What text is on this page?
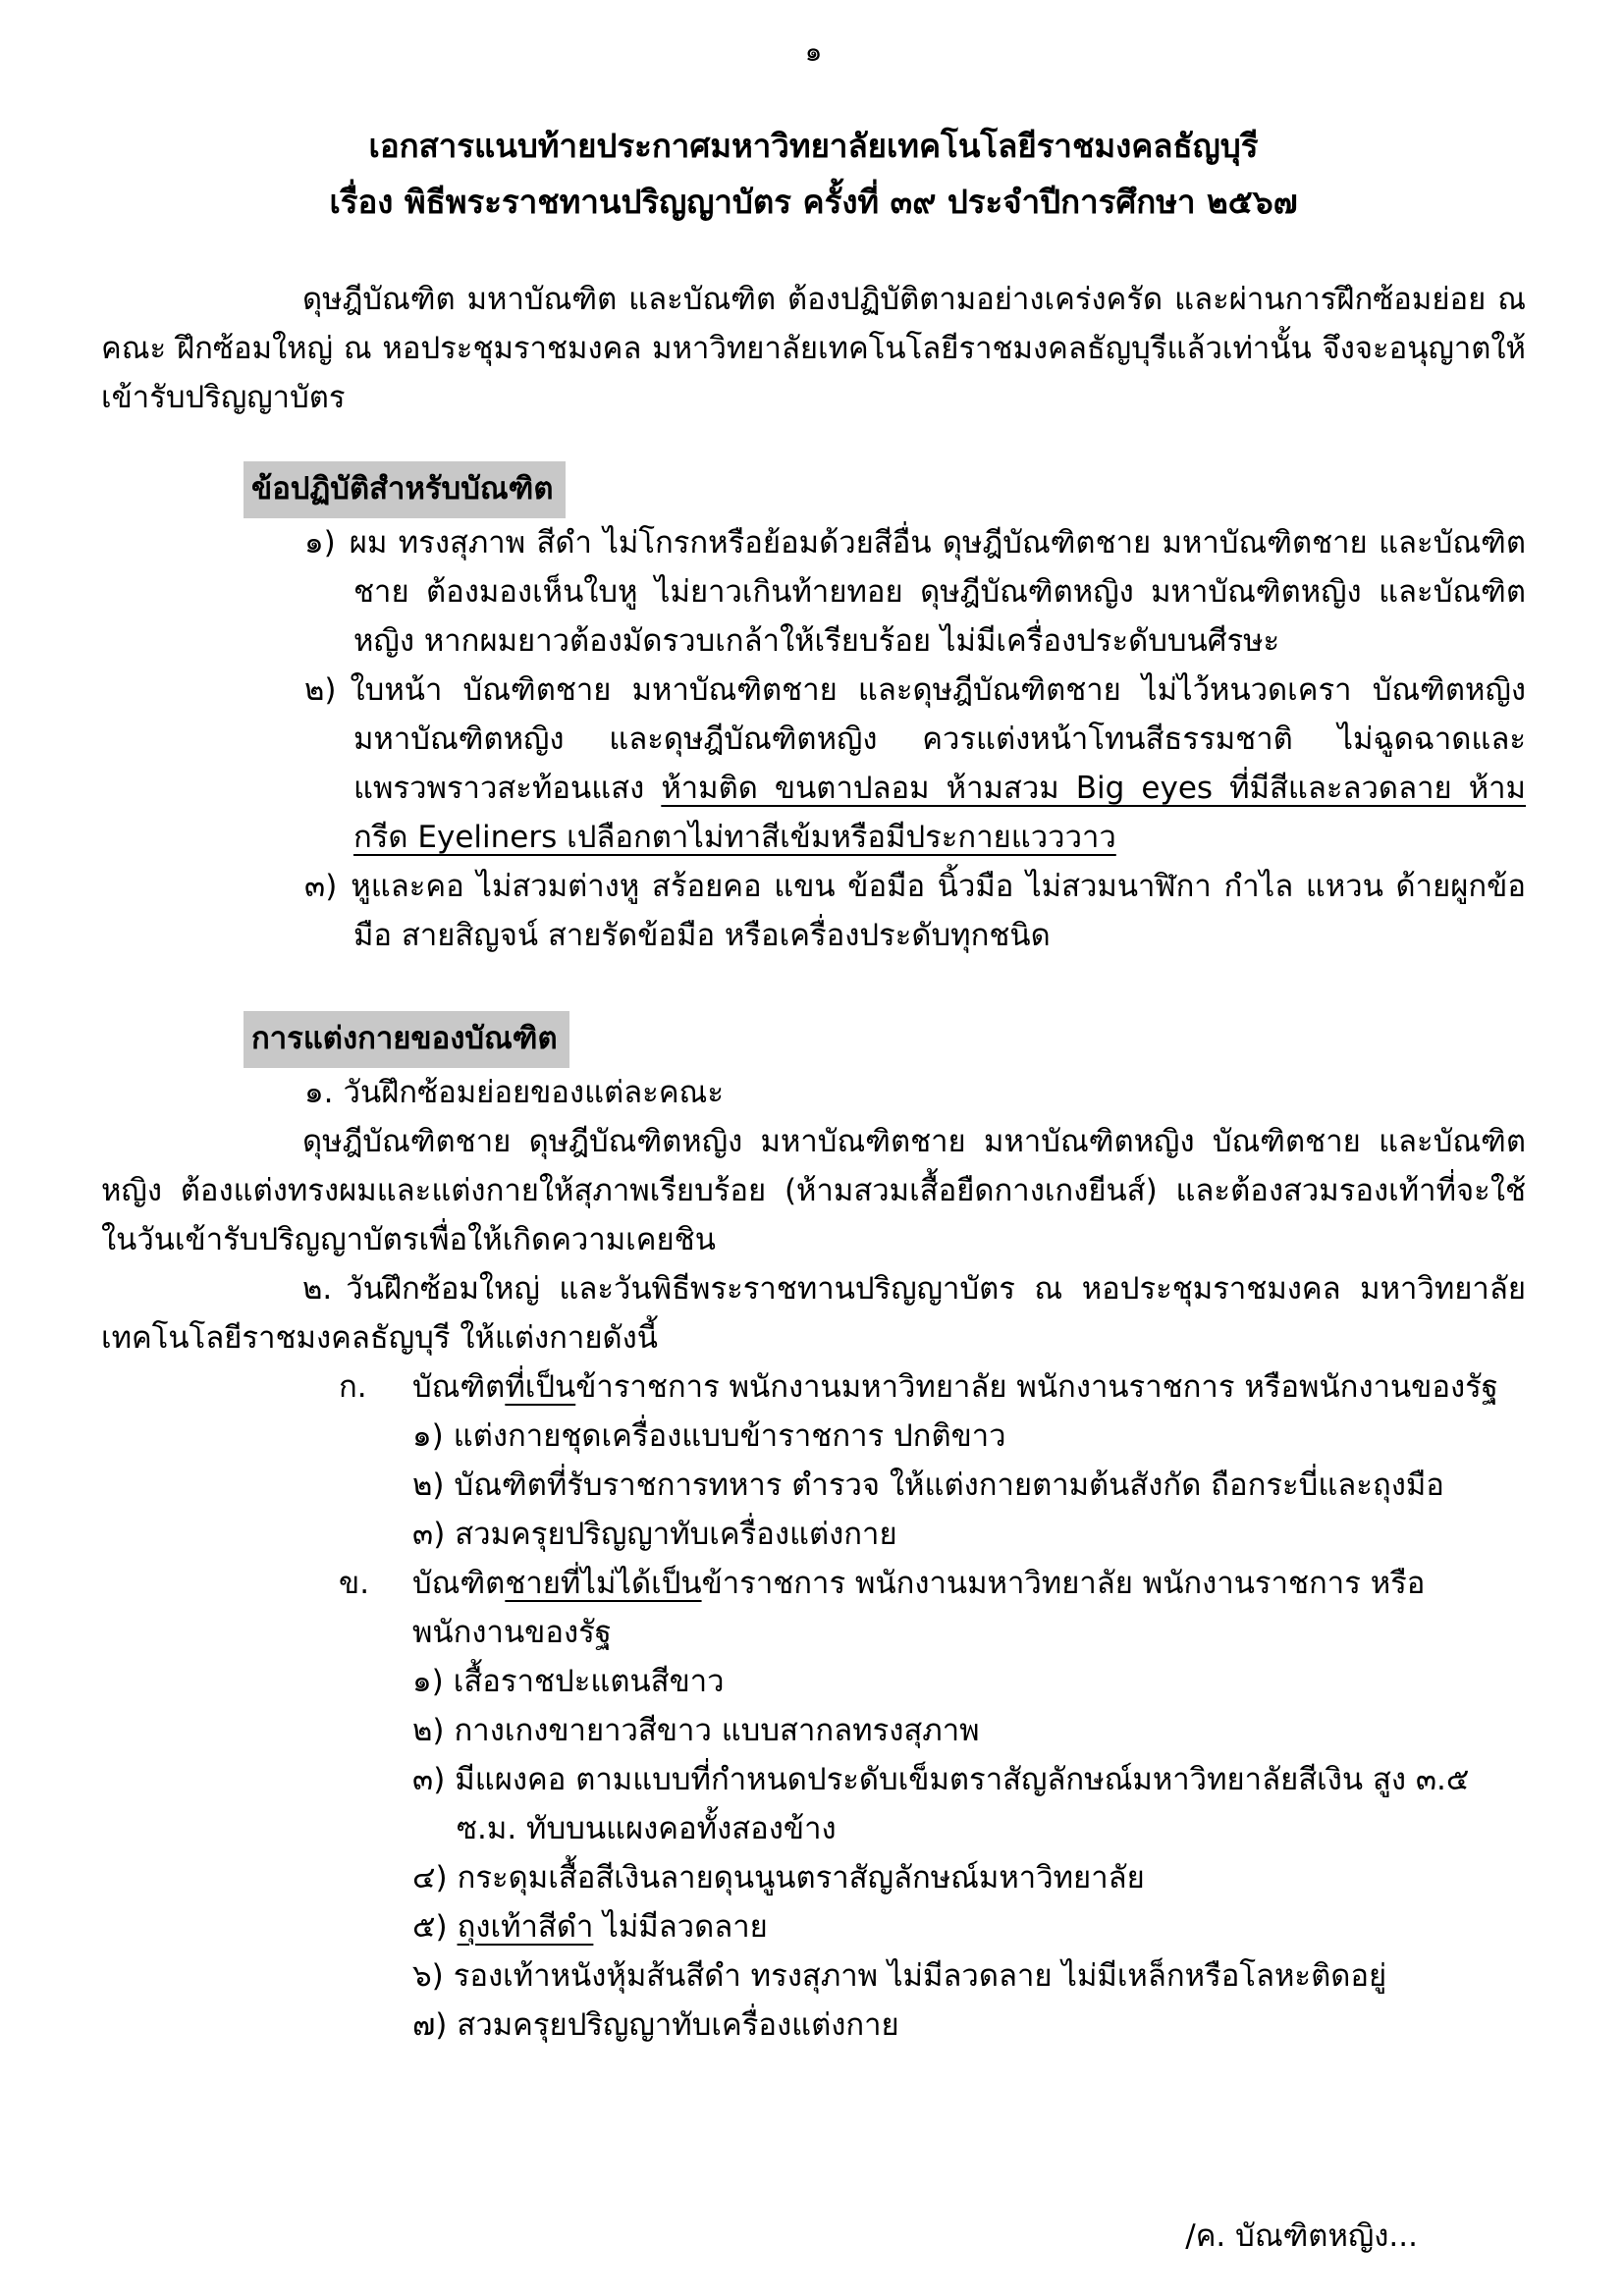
๑
เอกสารแนบท้ายประกาศมหาวิทยาลัยเทคโนโลยีราชมงคลธัญบุรี
เรื่อง พิธีพระราชทานปริญญาบัตร ครั้งที่ ๓๙ ประจำปีการศึกษา ๒๕๖๗

ดุษฎีบัณฑิต มหาบัณฑิต และบัณฑิต ต้องปฏิบัติตามอย่างเคร่งครัด และผ่านการฝึกซ้อมย่อย ณ คณะ ฝึกซ้อมใหญ่ ณ หอประชุมราชมงคล มหาวิทยาลัยเทคโนโลยีราชมงคลธัญบุรีแล้วเท่านั้น จึงจะอนุญาตให้เข้ารับปริญญาบัตร

ข้อปฏิบัติสำหรับบัณฑิต
๑) ผม ทรงสุภาพ สีดำ ไม่โกรกหรือย้อมด้วยสีอื่น ดุษฎีบัณฑิตชาย มหาบัณฑิตชาย และบัณฑิตชาย ต้องมองเห็นใบหู ไม่ยาวเกินท้ายทอย ดุษฎีบัณฑิตหญิง มหาบัณฑิตหญิง และบัณฑิตหญิง หากผมยาวต้องมัดรวบเกล้าให้เรียบร้อย ไม่มีเครื่องประดับบนศีรษะ
๒) ใบหน้า บัณฑิตชาย มหาบัณฑิตชาย และดุษฎีบัณฑิตชาย ไม่ไว้หนวดเครา บัณฑิตหญิง มหาบัณฑิตหญิง และดุษฎีบัณฑิตหญิง ควรแต่งหน้าโทนสีธรรมชาติ ไม่ฉูดฉาดและแพรวพราวสะท้อนแสง ห้ามติด ขนตาปลอม ห้ามสวม Big eyes ที่มีสีและลวดลาย ห้ามกรีด Eyeliners เปลือกตาไม่ทาสีเข้มหรือมีประกายแวววาว
๓) หูและคอ ไม่สวมต่างหู สร้อยคอ แขน ข้อมือ นิ้วมือ ไม่สวมนาฬิกา กำไล แหวน ด้ายผูกข้อมือ สายสิญจน์ สายรัดข้อมือ หรือเครื่องประดับทุกชนิด
การแต่งกายของบัณฑิต
๑. วันฝึกซ้อมย่อยของแต่ละคณะ

ดุษฎีบัณฑิตชาย ดุษฎีบัณฑิตหญิง มหาบัณฑิตชาย มหาบัณฑิตหญิง บัณฑิตชาย และบัณฑิตหญิง ต้องแต่งทรงผมและแต่งกายให้สุภาพเรียบร้อย (ห้ามสวมเสื้อยืดกางเกงยีนส์) และต้องสวมรองเท้าที่จะใช้ในวันเข้ารับปริญญาบัตรเพื่อให้เกิดความเคยชิน

๒. วันฝึกซ้อมใหญ่ และวันพิธีพระราชทานปริญญาบัตร ณ หอประชุมราชมงคล มหาวิทยาลัยเทคโนโลยีราชมงคลธัญบุรี ให้แต่งกายดังนี้

ก. บัณฑิตที่เป็นข้าราชการ พนักงานมหาวิทยาลัย พนักงานราชการ หรือพนักงานของรัฐ
๑) แต่งกายชุดเครื่องแบบข้าราชการ ปกติขาว
๒) บัณฑิตที่รับราชการทหาร ตำรวจ ให้แต่งกายตามต้นสังกัด ถือกระบี่และถุงมือ
๓) สวมครุยปริญญาทับเครื่องแต่งกาย
ข. บัณฑิตชายที่ไม่ได้เป็นข้าราชการ พนักงานมหาวิทยาลัย พนักงานราชการ หรือพนักงานของรัฐ
๑) เสื้อราชปะแตนสีขาว
๒) กางเกงขายาวสีขาว แบบสากลทรงสุภาพ
๓) มีแผงคอ ตามแบบที่กำหนดประดับเข็มตราสัญลักษณ์มหาวิทยาลัยสีเงิน สูง ๓.๕ ซ.ม. ทับบนแผงคอทั้งสองข้าง
๔) กระดุมเสื้อสีเงินลายดุนนูนตราสัญลักษณ์มหาวิทยาลัย
๕) ถุงเท้าสีดำ ไม่มีลวดลาย
๖) รองเท้าหนังหุ้มส้นสีดำ ทรงสุภาพ ไม่มีลวดลาย ไม่มีเหล็กหรือโลหะติดอยู่
๗) สวมครุยปริญญาทับเครื่องแต่งกาย
/ค. บัณฑิตหญิง...
